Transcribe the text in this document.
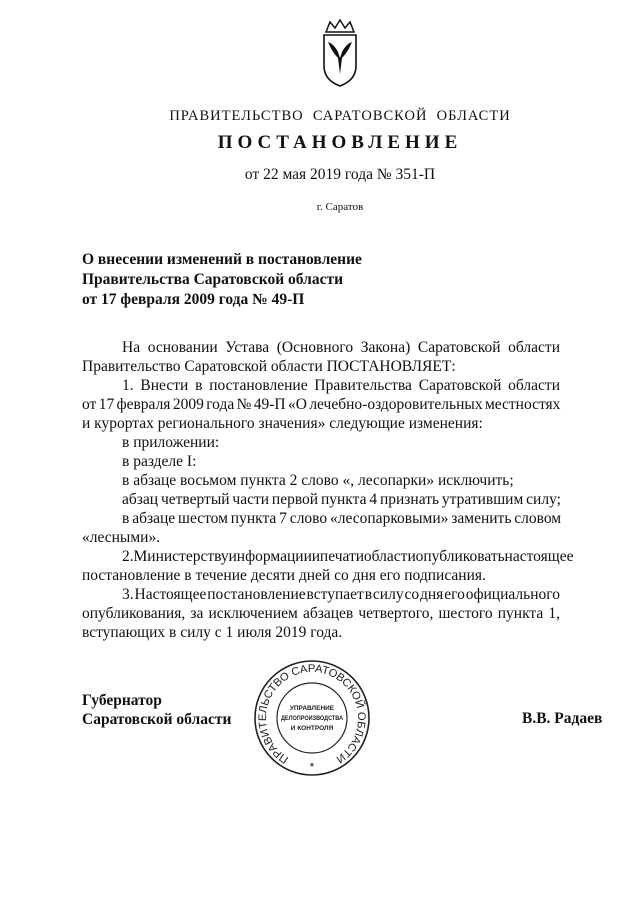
ПРАВИТЕЛЬСТВО  САРАТОВСКОЙ  ОБЛАСТИ
ПОСТАНОВЛЕНИЕ
от 22 мая 2019 года № 351-П
г. Саратов
О внесении изменений в постановление
Правительства Саратовской области
от 17 февраля 2009 года № 49-П
На основании Устава (Основного Закона) Саратовской области
Правительство Саратовской области ПОСТАНОВЛЯЕТ:
1. Внести в постановление Правительства Саратовской области
от 17 февраля 2009 года № 49-П «О лечебно-оздоровительных местностях
и курортах регионального значения» следующие изменения:
в приложении:
в разделе I:
в абзаце восьмом пункта 2 слово «, лесопарки» исключить;
абзац четвертый части первой пункта 4 признать утратившим силу;
в абзаце шестом пункта 7 слово «лесопарковыми» заменить словом
«лесными».
2. Министерству информации и печати области опубликовать настоящее
постановление в течение десяти дней со дня его подписания.
3. Настоящее постановление вступает в силу со дня его официального
опубликования, за исключением абзацев четвертого, шестого пункта 1,
вступающих в силу с 1 июля 2019 года.
Губернатор
Саратовской области	В.В. Радаев
ПРАВИТЕЛЬСТВО САРАТОВСКОЙ ОБЛАСТИ
УПРАВЛЕНИЕ
ДЕЛОПРОИЗВОДСТВА
И КОНТРОЛЯ
*
